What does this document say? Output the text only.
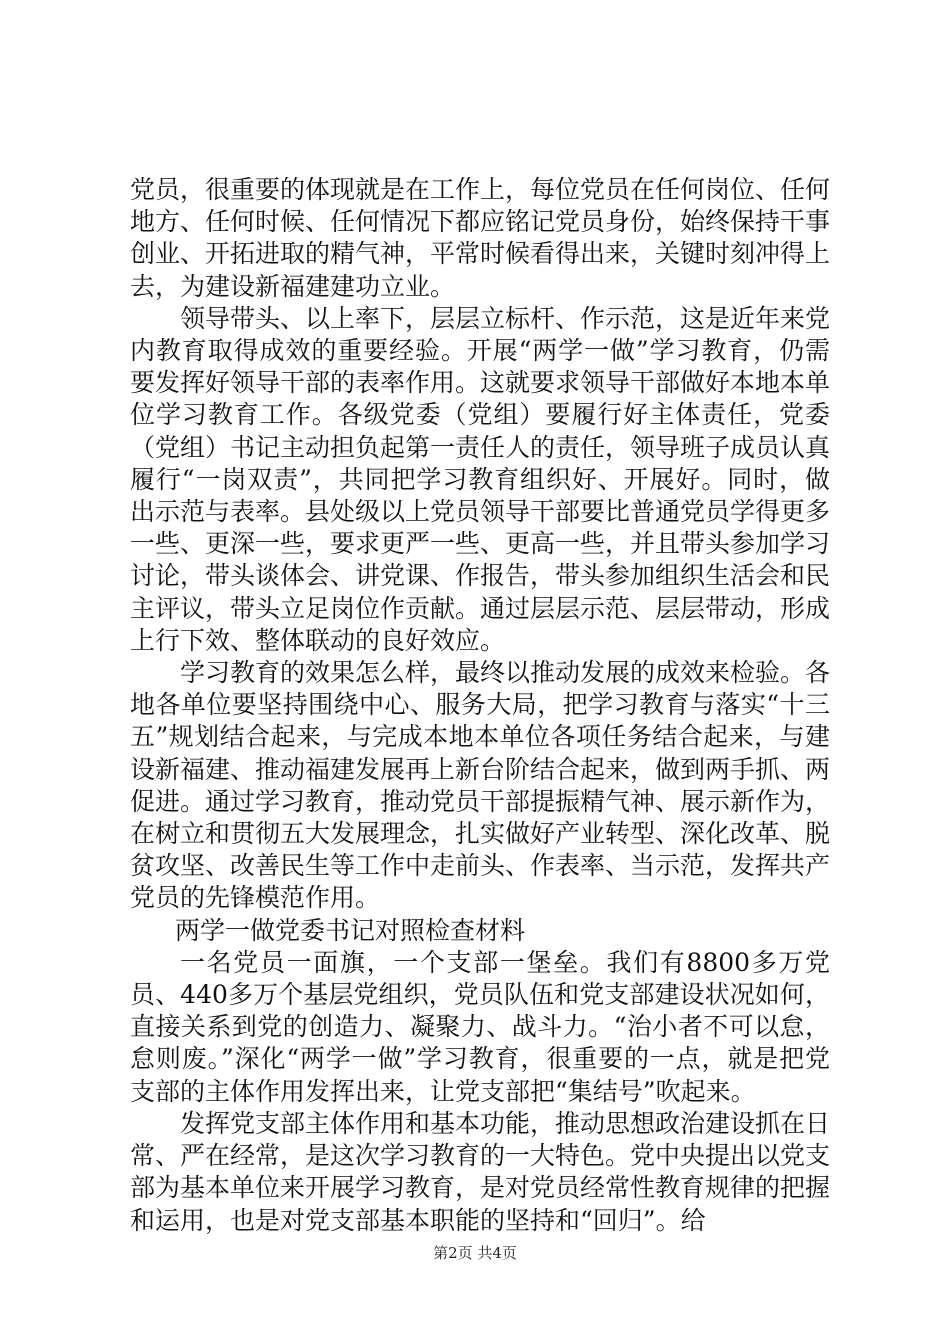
党员，很重要的体现就是在工作上，每位党员在任何岗位、任何地方、任何时候、任何情况下都应铭记党员身份，始终保持干事创业、开拓进取的精气神，平常时候看得出来，关键时刻冲得上去，为建设新福建建功立业。

领导带头、以上率下，层层立标杆、作示范，这是近年来党内教育取得成效的重要经验。开展“两学一做”学习教育，仍需要发挥好领导干部的表率作用。这就要求领导干部做好本地本单位学习教育工作。各级党委（党组）要履行好主体责任，党委（党组）书记主动担负起第一责任人的责任，领导班子成员认真履行“一岗双责”，共同把学习教育组织好、开展好。同时，做出示范与表率。县处级以上党员领导干部要比普通党员学得更多一些、更深一些，要求更严一些、更高一些，并且带头参加学习讨论，带头谈体会、讲党课、作报告，带头参加组织生活会和民主评议，带头立足岗位作贡献。通过层层示范、层层带动，形成上行下效、整体联动的良好效应。

学习教育的效果怎么样，最终以推动发展的成效来检验。各地各单位要坚持围绕中心、服务大局，把学习教育与落实“十三五”规划结合起来，与完成本地本单位各项任务结合起来，与建设新福建、推动福建发展再上新台阶结合起来，做到两手抓、两促进。通过学习教育，推动党员干部提振精气神、展示新作为，在树立和贯彻五大发展理念，扎实做好产业转型、深化改革、脱贫攻坚、改善民生等工作中走前头、作表率、当示范，发挥共产党员的先锋模范作用。

两学一做党委书记对照检查材料

一名党员一面旗，一个支部一堡垒。我们有8800多万党员、440多万个基层党组织，党员队伍和党支部建设状况如何，直接关系到党的创造力、凝聚力、战斗力。“治小者不可以怠，怠则废。”深化“两学一做”学习教育，很重要的一点，就是把党支部的主体作用发挥出来，让党支部把“集结号”吹起来。

发挥党支部主体作用和基本功能，推动思想政治建设抓在日常、严在经常，是这次学习教育的一大特色。党中央提出以党支部为基本单位来开展学习教育，是对党员经常性教育规律的把握和运用，也是对党支部基本职能的坚持和“回归”。给

第2页 共4页
